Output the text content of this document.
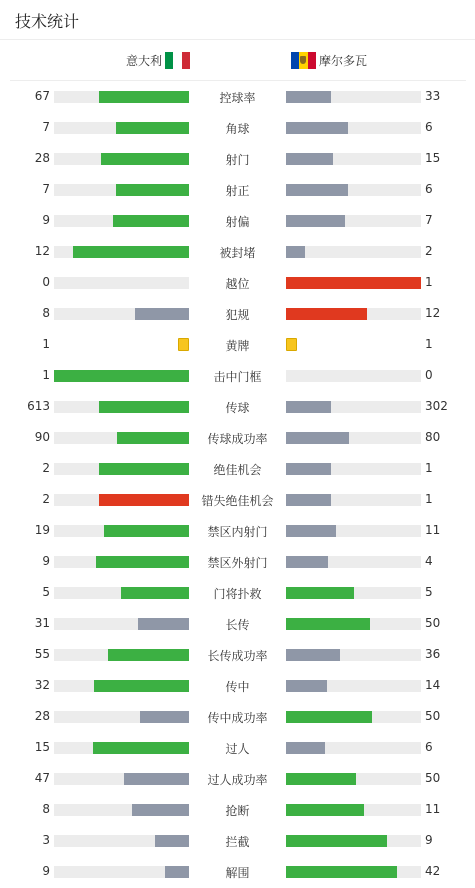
技术统计
意大利	摩尔多瓦
67	控球率	33
7	角球	6
28	射门	15
7	射正	6
9	射偏	7
12	被封堵	2
0	越位	1
8	犯规	12
1	黄牌	1
1	击中门框	0
613	传球	302
90	传球成功率	80
2	绝佳机会	1
2	错失绝佳机会	1
19	禁区内射门	11
9	禁区外射门	4
5	门将扑救	5
31	长传	50
55	长传成功率	36
32	传中	14
28	传中成功率	50
15	过人	6
47	过人成功率	50
8	抢断	11
3	拦截	9
9	解围	42
